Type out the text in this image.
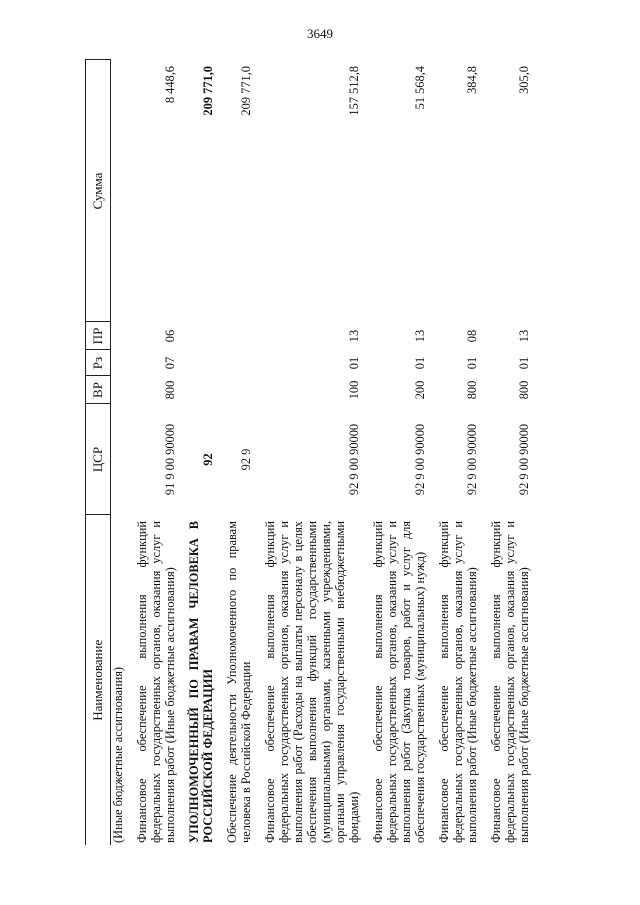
3649
Наименование	ЦСР	ВР	Рз	ПР	Сумма
(Иные бюджетные ассигнования)					
Финансовое обеспечение выполнения функций федеральных государственных органов, оказания услуг и выполнения работ (Иные бюджетные ассигнования)	91 9 00 90000	800	07	06	8 448,6
УПОЛНОМОЧЕННЫЙ ПО ПРАВАМ ЧЕЛОВЕКА В РОССИЙСКОЙ ФЕДЕРАЦИИ	92				209 771,0
Обеспечение деятельности Уполномоченного по правам человека в Российской Федерации	92 9				209 771,0
Финансовое обеспечение выполнения функций федеральных государственных органов, оказания услуг и выполнения работ (Расходы на выплаты персоналу в целях обеспечения выполнения функций государственными (муниципальными) органами, казенными учреждениями, органами управления государственными внебюджетными фондами)	92 9 00 90000	100	01	13	157 512,8
Финансовое обеспечение выполнения функций федеральных государственных органов, оказания услуг и выполнения работ (Закупка товаров, работ и услуг для обеспечения государственных (муниципальных) нужд)	92 9 00 90000	200	01	13	51 568,4
Финансовое обеспечение выполнения функций федеральных государственных органов, оказания услуг и выполнения работ (Иные бюджетные ассигнования)	92 9 00 90000	800	01	08	384,8
Финансовое обеспечение выполнения функций федеральных государственных органов, оказания услуг и выполнения работ (Иные бюджетные ассигнования)	92 9 00 90000	800	01	13	305,0
